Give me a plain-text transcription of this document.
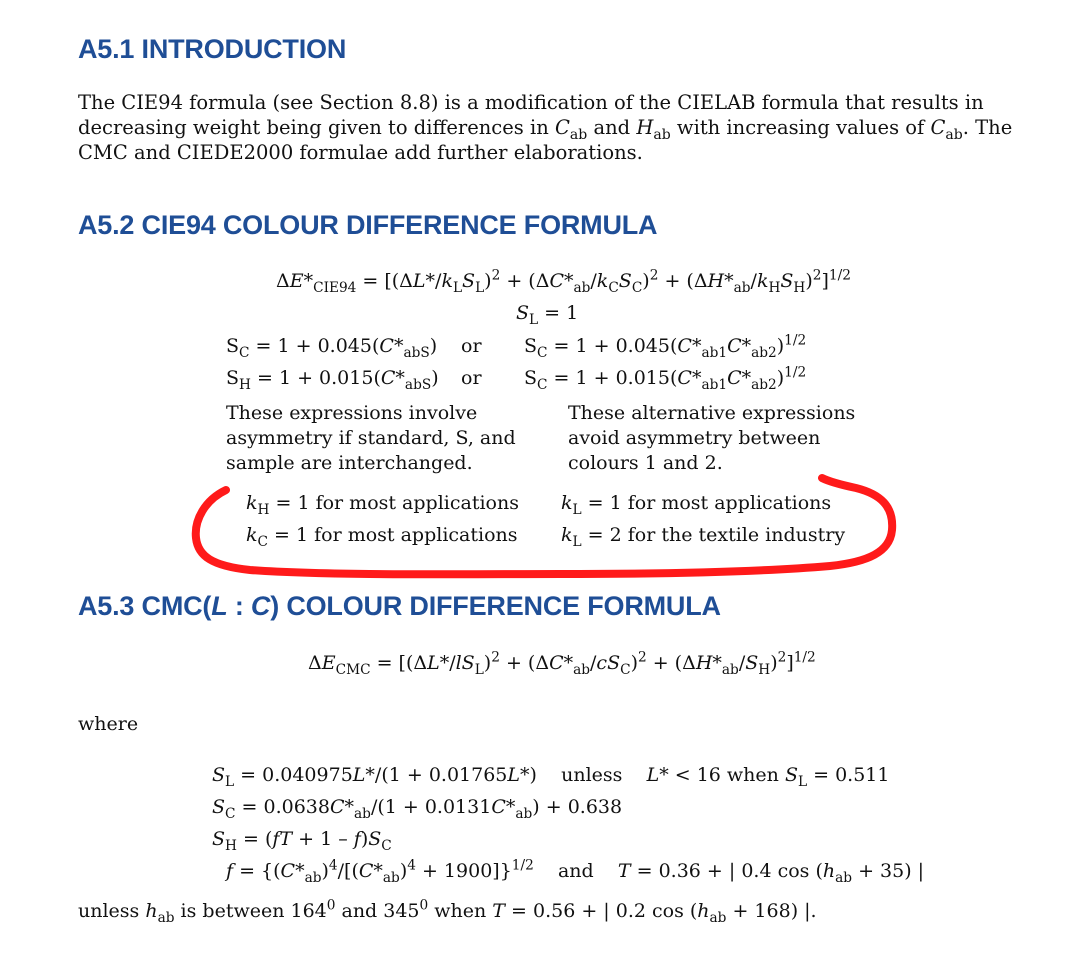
A5.1 INTRODUCTION
The CIE94 formula (see Section 8.8) is a modification of the CIELAB formula that results in
decreasing weight being given to differences in $C_{ab}$ and $H_{ab}$ with increasing values of $C_{ab}$. The
CMC and CIEDE2000 formulae add further elaborations.
A5.2 CIE94 COLOUR DIFFERENCE FORMULA
$\Delta E*_{CIE94} = [(\Delta L*/k_LS_L)^2 + (\Delta C*_{ab}/k_CS_C)^2 + (\Delta H*_{ab}/k_HS_H)^2]^{1/2}$
$S_L = 1$
$S_C = 1 + 0.045(C*_{abS})$ or $S_C = 1 + 0.045(C*_{ab1}C*_{ab2})^{1/2}$
$S_H = 1 + 0.015(C*_{abS})$ or $S_C = 1 + 0.015(C*_{ab1}C*_{ab2})^{1/2}$
These expressions involve asymmetry if standard, S, and sample are interchanged.
These alternative expressions avoid asymmetry between colours 1 and 2.
$k_H = 1$ for most applications
$k_C = 1$ for most applications
$k_L = 1$ for most applications
$k_L = 2$ for the textile industry
A5.3 CMC(L : C) COLOUR DIFFERENCE FORMULA
$\Delta E_{CMC} = [(\Delta L*/lS_L)^2 + (\Delta C*_{ab}/cS_C)^2 + (\Delta H*_{ab}/S_H)^2]^{1/2}$
where
$S_L = 0.040975L*/(1 + 0.01765L*)$    unless L* < 16 when $S_L = 0.511$
$S_C = 0.0638C*_{ab}/(1 + 0.0131C*_{ab}) + 0.638$
$S_H = (fT + 1 - f)S_C$
$f = \{(C*_{ab})^4/[(C*_{ab})^4 + 1900]\}^{1/2}$ and T = 0.36 + | 0.4 $\cos (h_{ab} + 35)$ |
unless $h_{ab}$ is between $164^0$ and $345^0$ when T = 0.56 + | 0.2 $\cos (h_{ab} + 168)$ |.
